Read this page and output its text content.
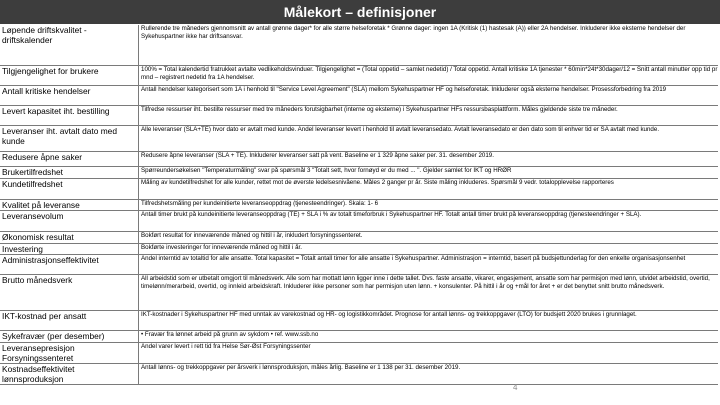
Målekort – definisjoner
Løpende driftskvalitet - driftskalender	Rullerende tre måneders gjennomsnitt av antall grønne dager* for alle større helseforetak * Grønne dager: ingen 1A (Kritisk (1) hastesak (A)) eller 2A hendelser. Inkluderer ikke eksterne hendelser der Sykehuspartner ikke har driftsansvar.
Tilgjengelighet for brukere	100% = Total kalendertid fratrukket avtalte vedlikeholdsvinduer. Tilgjengelighet = (Total oppetid – samlet nedetid) / Total oppetid. Antall kritiske 1A tjenester * 60min*24t*30dager/12 = Snitt antall minutter opp tid pr mnd – registrert nedetid fra 1A hendelser.
Antall kritiske hendelser	Antall hendelser kategorisert som 1A i henhold til "Service Level Agreement" (SLA) mellom Sykehuspartner HF og helseforetak. Inkluderer også eksterne hendelser. Prosessforbedring fra 2019
Levert kapasitet iht. bestilling	Tilfredse ressurser iht. bestilte ressurser med tre måneders forutsigbarhet (interne og eksterne) i Sykehuspartner HFs ressursbasplattform. Måles gjeldende siste tre måneder.
Leveranser iht. avtalt dato med kunde	Alle leveranser (SLA+TE) hvor dato er avtalt med kunde. Andel leveranser levert i henhold til avtalt leveransedato. Avtalt leveransedato er den dato som til enhver tid er SA avtalt med kunde.
Redusere åpne saker	Redusere åpne leveranser (SLA + TE). Inkluderer leveranser satt på vent. Baseline er 1 329 åpne saker per. 31. desember 2019.
Brukertilfredshet	Spørreundersøkelsen "Temperaturmåling" svar på spørsmål 3 "Totalt sett, hvor fornøyd er du med ... ". Gjelder samlet for IKT og HRØR
Kundetilfredshet	Måling av kundetilfredshet for alle kunder, rettet mot de øverste ledelsesnivåene. Måles 2 ganger pr år. Siste måling inkluderes. Spørsmål 9 vedr. totalopplevelse rapporteres
Kvalitet på leveranse	Tilfredshetsmåling per kundeinitierte leveranseoppdrag (tjenesteendringer). Skala: 1- 6
Leveransevolum	Antall timer brukt på kundeinitierte leveranseoppdrag (TE) + SLA i % av totalt timeforbruk i Sykehuspartner HF. Totalt antall timer brukt på leveranseoppdrag (tjenesteendringer + SLA).
Økonomisk resultat	Bokført resultat for inneværende måned og hittil i år, inkludert forsyningssenteret.
Investering	Bokførte investeringer for inneværende måned og hittil i år.
Administrasjonseffektivitet	Andel interntid av totaltid for alle ansatte. Total kapasitet = Totalt antall timer for alle ansatte i Sykehuspartner. Administrasjon = interntid, basert på budsjettunderlag for den enkelte organisasjonsenhet
Brutto månedsverk	All arbeidstid som er utbetalt omgjort til månedsverk. Alle som har mottatt lønn ligger inne i dette tallet. Dvs. faste ansatte, vikarer, engasjement, ansatte som har permisjon med lønn, utvidet arbeidstid, overtid, timelønn/merarbeid, overtid, og innleid arbeidskraft. Inkluderer ikke personer som har permisjon uten lønn. + konsulenter. På hittil i år og +mål for året + er det benyttet snitt brutto månedsverk.
IKT-kostnad per ansatt	IKT-kostnader i Sykehuspartner HF med unntak av varekostnad og HR- og logistikkområdet. Prognose for antall lønns- og trekkoppgaver (LTO) for budsjett 2020 brukes i grunnlaget.
Sykefravær (per desember)	• Fravær fra lønnet arbeid på grunn av sykdom • ref. www.ssb.no
Leveransepresisjon Forsyningssenteret	Andel varer levert i rett tid fra Helse Sør-Øst Forsyningssenter
Kostnadseffektivitet lønnsproduksjon	Antall lønns- og trekkoppgaver per årsverk i lønnsproduksjon, måles årlig. Baseline er 1 138 per 31. desember 2019.
4
